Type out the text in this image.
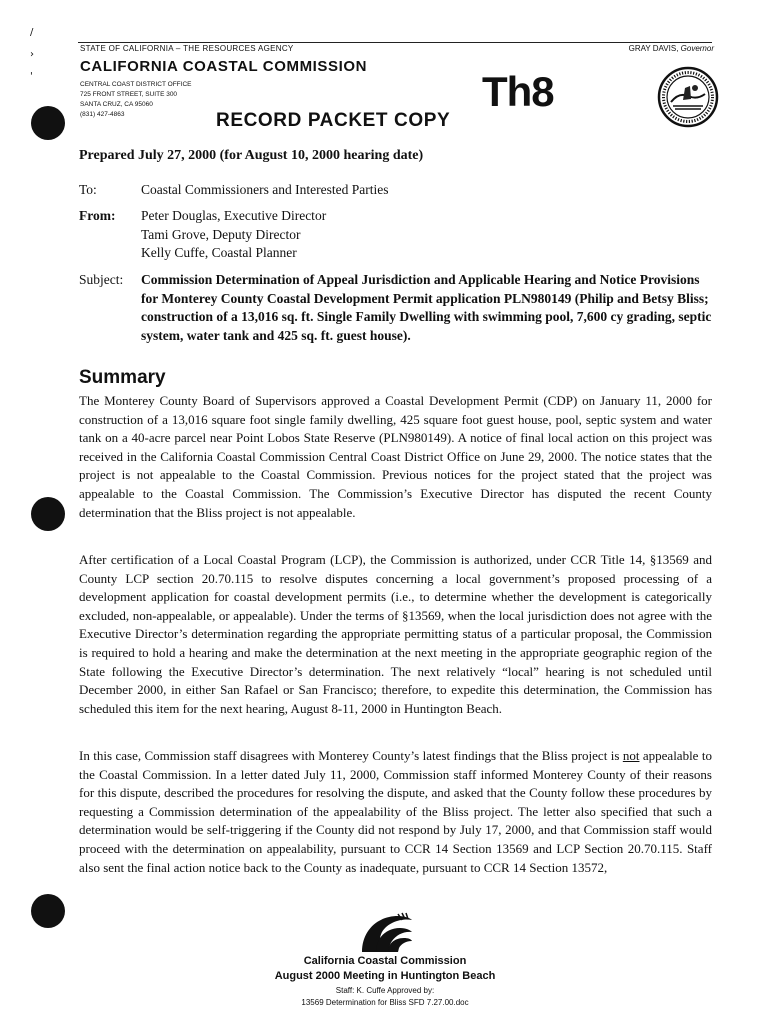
/
›
'
STATE OF CALIFORNIA – THE RESOURCES AGENCY	GRAY DAVIS, Governor
CALIFORNIA COASTAL COMMISSION
CENTRAL COAST DISTRICT OFFICE
725 FRONT STREET, SUITE 300
SANTA CRUZ, CA 95060
(831) 427-4863	RECORD PACKET COPY
Th8
Prepared July 27, 2000 (for August 10, 2000 hearing date)
To:	Coastal Commissioners and Interested Parties
From:	Peter Douglas, Executive Director
Tami Grove, Deputy Director
Kelly Cuffe, Coastal Planner
Subject:	Commission Determination of Appeal Jurisdiction and Applicable Hearing and Notice Provisions for Monterey County Coastal Development Permit application PLN980149 (Philip and Betsy Bliss; construction of a 13,016 sq. ft. Single Family Dwelling with swimming pool, 7,600 cy grading, septic system, water tank and 425 sq. ft. guest house).
Summary

The Monterey County Board of Supervisors approved a Coastal Development Permit (CDP) on January 11, 2000 for construction of a 13,016 square foot single family dwelling, 425 square foot guest house, pool, septic system and water tank on a 40-acre parcel near Point Lobos State Reserve (PLN980149). A notice of final local action on this project was received in the California Coastal Commission Central Coast District Office on June 29, 2000. The notice states that the project is not appealable to the Coastal Commission. Previous notices for the project stated that the project was appealable to the Coastal Commission. The Commission’s Executive Director has disputed the recent County determination that the Bliss project is not appealable.

After certification of a Local Coastal Program (LCP), the Commission is authorized, under CCR Title 14, §13569 and County LCP section 20.70.115 to resolve disputes concerning a local government’s proposed processing of a development application for coastal development permits (i.e., to determine whether the development is categorically excluded, non-appealable, or appealable). Under the terms of §13569, when the local jurisdiction does not agree with the Executive Director’s determination regarding the appropriate permitting status of a particular proposal, the Commission is required to hold a hearing and make the determination at the next meeting in the appropriate geographic region of the State following the Executive Director’s determination. The next relatively “local” hearing is not scheduled until December 2000, in either San Rafael or San Francisco; therefore, to expedite this determination, the Commission has scheduled this item for the next hearing, August 8-11, 2000 in Huntington Beach.

In this case, Commission staff disagrees with Monterey County’s latest findings that the Bliss project is not appealable to the Coastal Commission. In a letter dated July 11, 2000, Commission staff informed Monterey County of their reasons for this dispute, described the procedures for resolving the dispute, and asked that the County follow these procedures by requesting a Commission determination of the appealability of the Bliss project. The letter also specified that such a determination would be self-triggering if the County did not respond by July 17, 2000, and that Commission staff would proceed with the determination on appealability, pursuant to CCR 14 Section 13569 and LCP Section 20.70.115. Staff also sent the final action notice back to the County as inadequate, pursuant to CCR 14 Section 13572,

California Coastal Commission
August 2000 Meeting in Huntington Beach
Staff: K. Cuffe Approved by:
13569 Determination for Bliss SFD 7.27.00.doc
